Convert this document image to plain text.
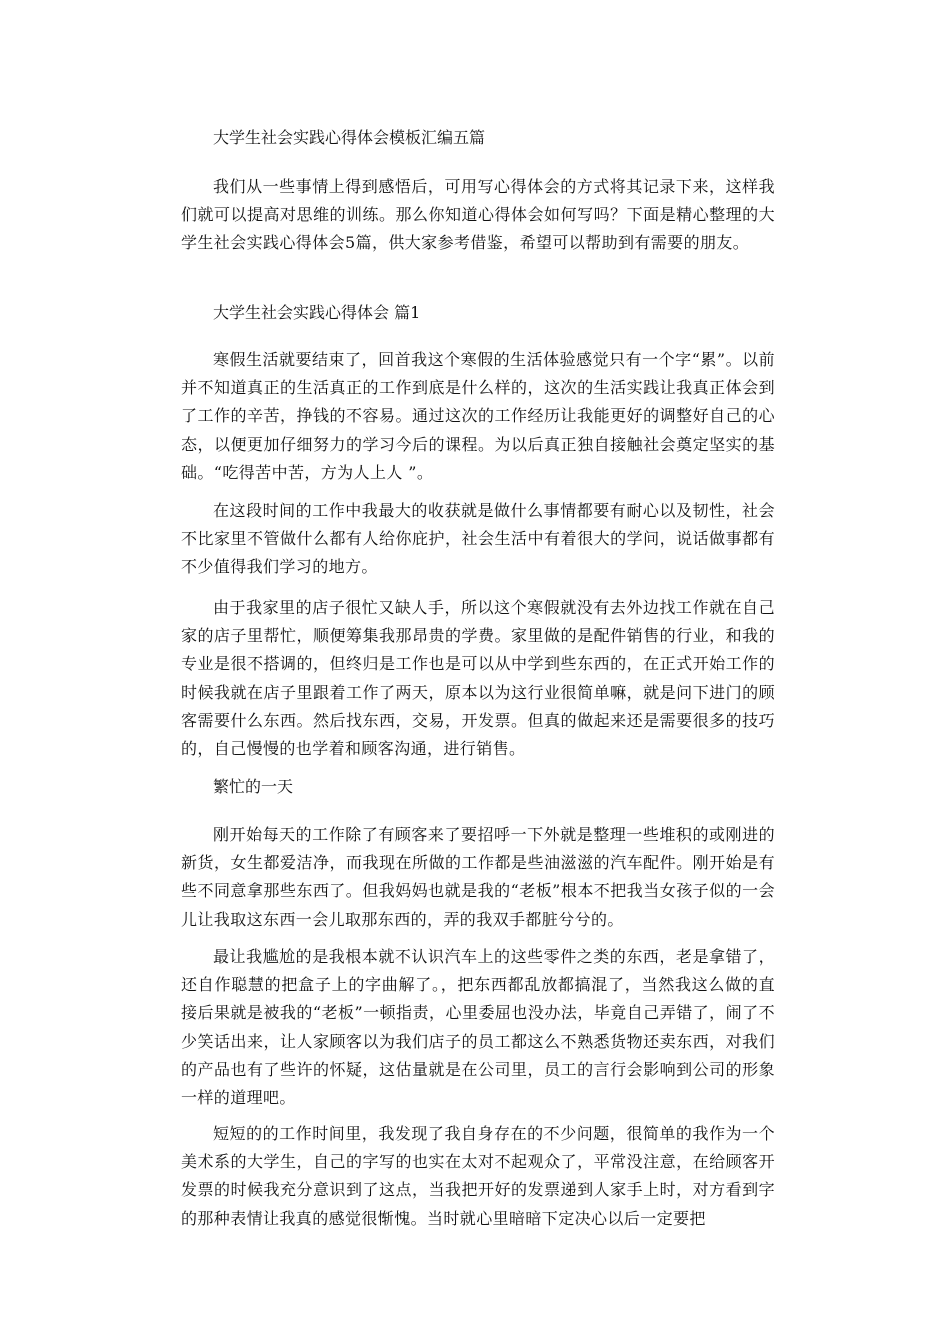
大学生社会实践心得体会模板汇编五篇

我们从一些事情上得到感悟后，可用写心得体会的方式将其记录下来，这样我们就可以提高对思维的训练。那么你知道心得体会如何写吗？下面是精心整理的大学生社会实践心得体会5篇，供大家参考借鉴，希望可以帮助到有需要的朋友。

大学生社会实践心得体会 篇1

寒假生活就要结束了，回首我这个寒假的生活体验感觉只有一个字“累”。以前并不知道真正的生活真正的工作到底是什么样的，这次的生活实践让我真正体会到了工作的辛苦，挣钱的不容易。通过这次的工作经历让我能更好的调整好自己的心态，以便更加仔细努力的学习今后的课程。为以后真正独自接触社会奠定坚实的基础。“吃得苦中苦，方为人上人 ”。

在这段时间的工作中我最大的收获就是做什么事情都要有耐心以及韧性，社会不比家里不管做什么都有人给你庇护，社会生活中有着很大的学问，说话做事都有不少值得我们学习的地方。

由于我家里的店子很忙又缺人手，所以这个寒假就没有去外边找工作就在自己家的店子里帮忙，顺便筹集我那昂贵的学费。家里做的是配件销售的行业，和我的专业是很不搭调的，但终归是工作也是可以从中学到些东西的，在正式开始工作的时候我就在店子里跟着工作了两天，原本以为这行业很简单嘛，就是问下进门的顾客需要什么东西。然后找东西，交易，开发票。但真的做起来还是需要很多的技巧的，自己慢慢的也学着和顾客沟通，进行销售。

繁忙的一天

刚开始每天的工作除了有顾客来了要招呼一下外就是整理一些堆积的或刚进的新货，女生都爱洁净，而我现在所做的工作都是些油滋滋的汽车配件。刚开始是有些不同意拿那些东西了。但我妈妈也就是我的“老板”根本不把我当女孩子似的一会儿让我取这东西一会儿取那东西的，弄的我双手都脏兮兮的。

最让我尴尬的是我根本就不认识汽车上的这些零件之类的东西，老是拿错了，还自作聪慧的把盒子上的字曲解了。，把东西都乱放都搞混了，当然我这么做的直接后果就是被我的“老板”一顿指责，心里委屈也没办法，毕竟自己弄错了，闹了不少笑话出来，让人家顾客以为我们店子的员工都这么不熟悉货物还卖东西，对我们的产品也有了些许的怀疑，这估量就是在公司里，员工的言行会影响到公司的形象一样的道理吧。

短短的的工作时间里，我发现了我自身存在的不少问题，很简单的我作为一个美术系的大学生，自己的字写的也实在太对不起观众了，平常没注意，在给顾客开发票的时候我充分意识到了这点，当我把开好的发票递到人家手上时，对方看到字的那种表情让我真的感觉很惭愧。当时就心里暗暗下定决心以后一定要把
